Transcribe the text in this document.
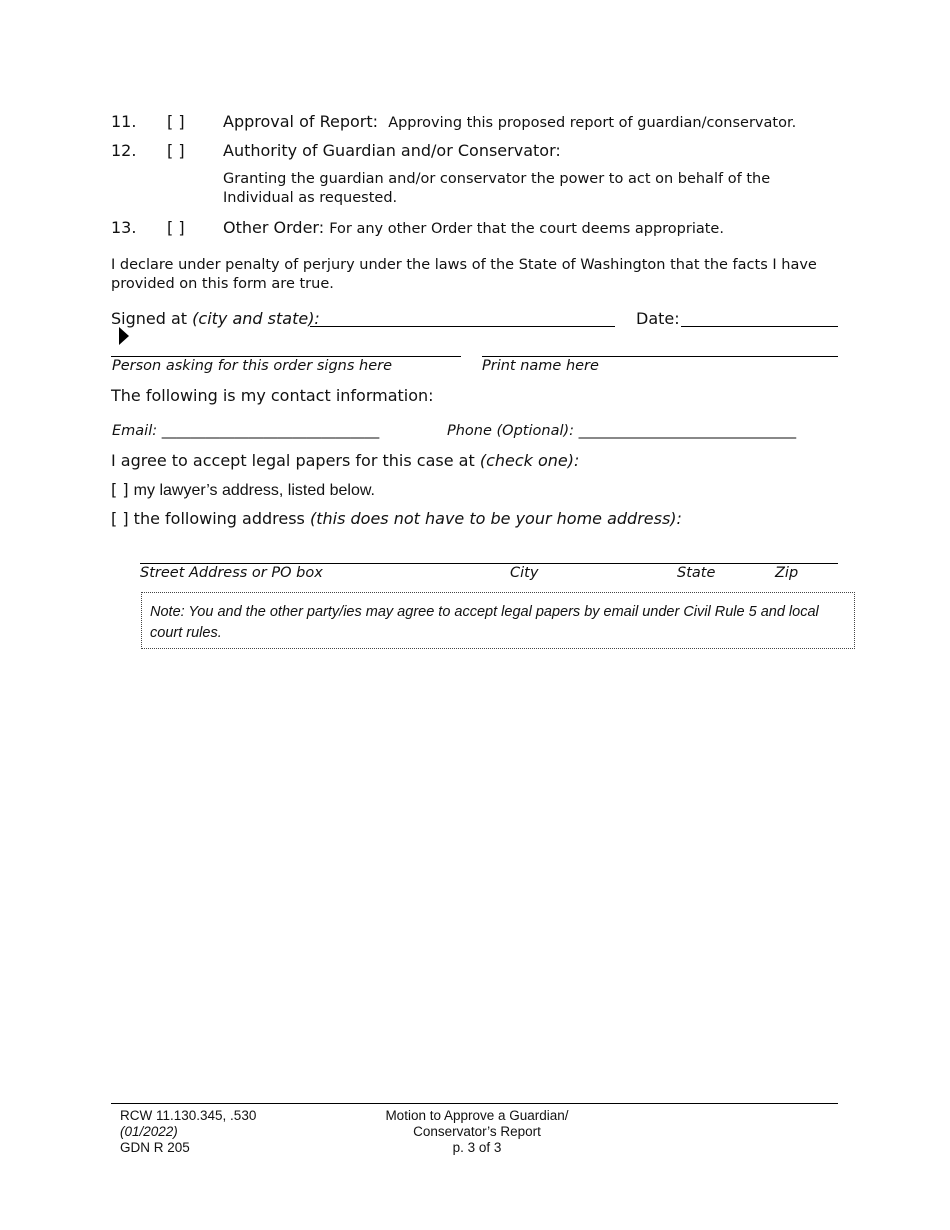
11. [ ] Approval of Report: Approving this proposed report of guardian/conservator.
12. [ ] Authority of Guardian and/or Conservator:
Granting the guardian and/or conservator the power to act on behalf of the
Individual as requested.
13. [ ] Other Order: For any other Order that the court deems appropriate.
I declare under penalty of perjury under the laws of the State of Washington that the facts I have
provided on this form are true.
Signed at (city and state):	Date:
Person asking for this order signs here	Print name here
The following is my contact information:
Email: ______________________________	Phone (Optional): ______________________________
I agree to accept legal papers for this case at (check one):
[ ] my lawyer’s address, listed below.
[ ] the following address (this does not have to be your home address):
Street Address or PO box	City	State	Zip
Note: You and the other party/ies may agree to accept legal papers by email under Civil Rule 5 and local court rules.
RCW 11.130.345, .530
(01/2022)
GDN R 205
Motion to Approve a Guardian/
Conservator’s Report
p. 3 of 3
